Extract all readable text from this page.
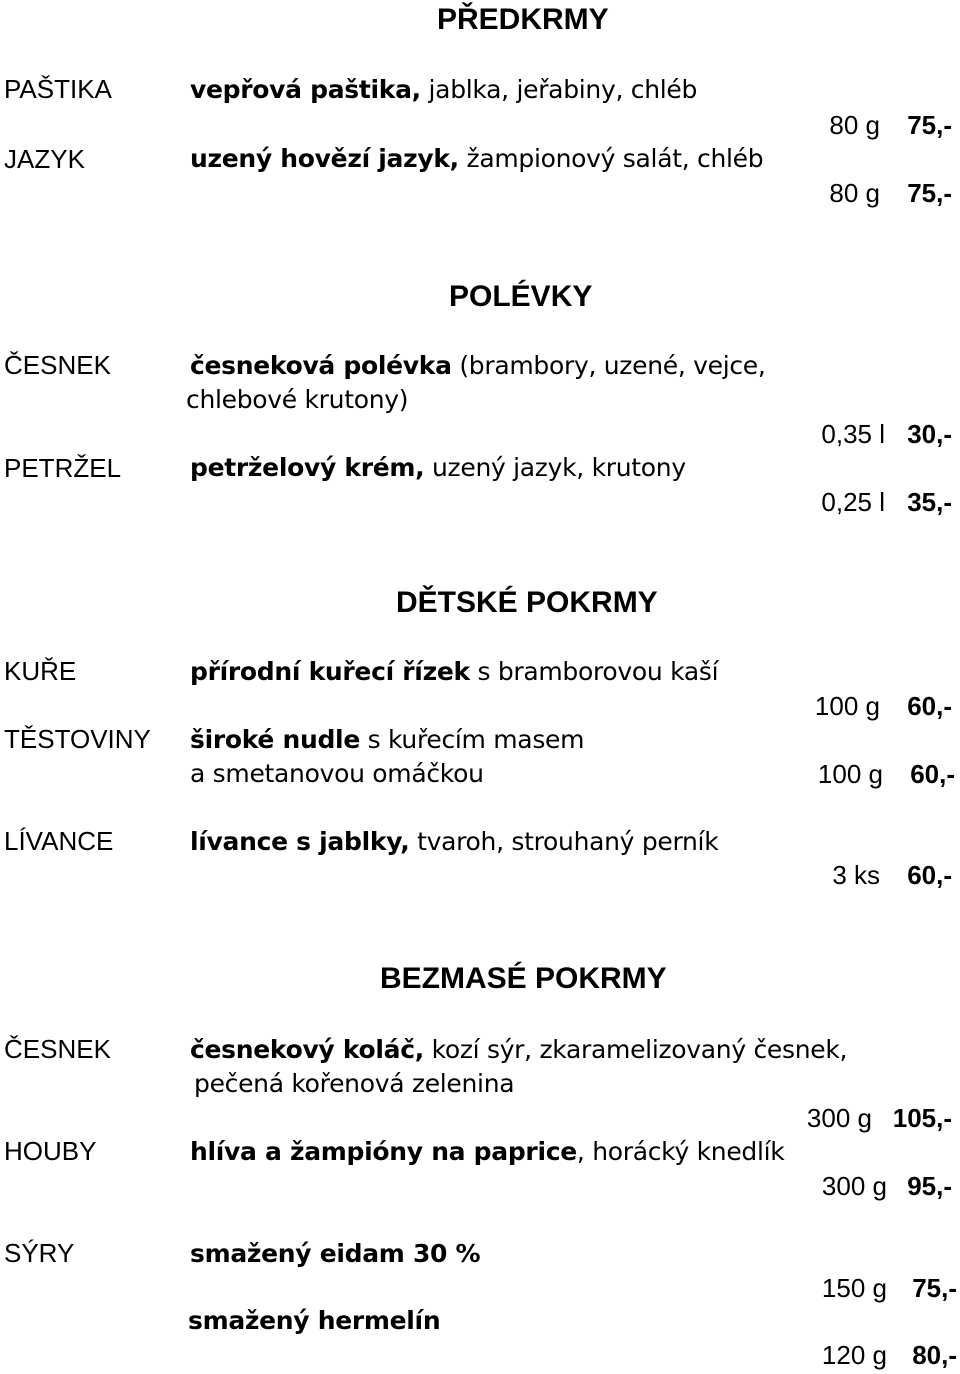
PŘEDKRMY
PAŠTIKA
JAZYK
vepřová paštika, jablka, jeřabiny, chléb
uzený hovězí jazyk, žampionový salát, chléb
80 g 75,-
80 g 75,-
POLÉVKY
ČESNEK
PETRŽEL
česneková polévka (brambory, uzené, vejce,
chlebové krutony)
petrželový krém, uzený jazyk, krutony
0,35 l 30,-
0,25 l 35,-
DĚTSKÉ POKRMY
KUŘE
TĚSTOVINY
LÍVANCE
přírodní kuřecí řízek s bramborovou kaší
široké nudle s kuřecím masem
a smetanovou omáčkou
lívance s jablky, tvaroh, strouhaný perník
100 g 60,-
100 g 60,-
3 ks 60,-
BEZMASÉ POKRMY
ČESNEK
HOUBY
SÝRY
česnekový koláč, kozí sýr, zkaramelizovaný česnek,
pečená kořenová zelenina
hlíva a žampióny na paprice, horácký knedlík
smažený eidam 30 %
smažený hermelín
300 g 105,-
300 g 95,-
150 g 75,-
120 g 80,-
